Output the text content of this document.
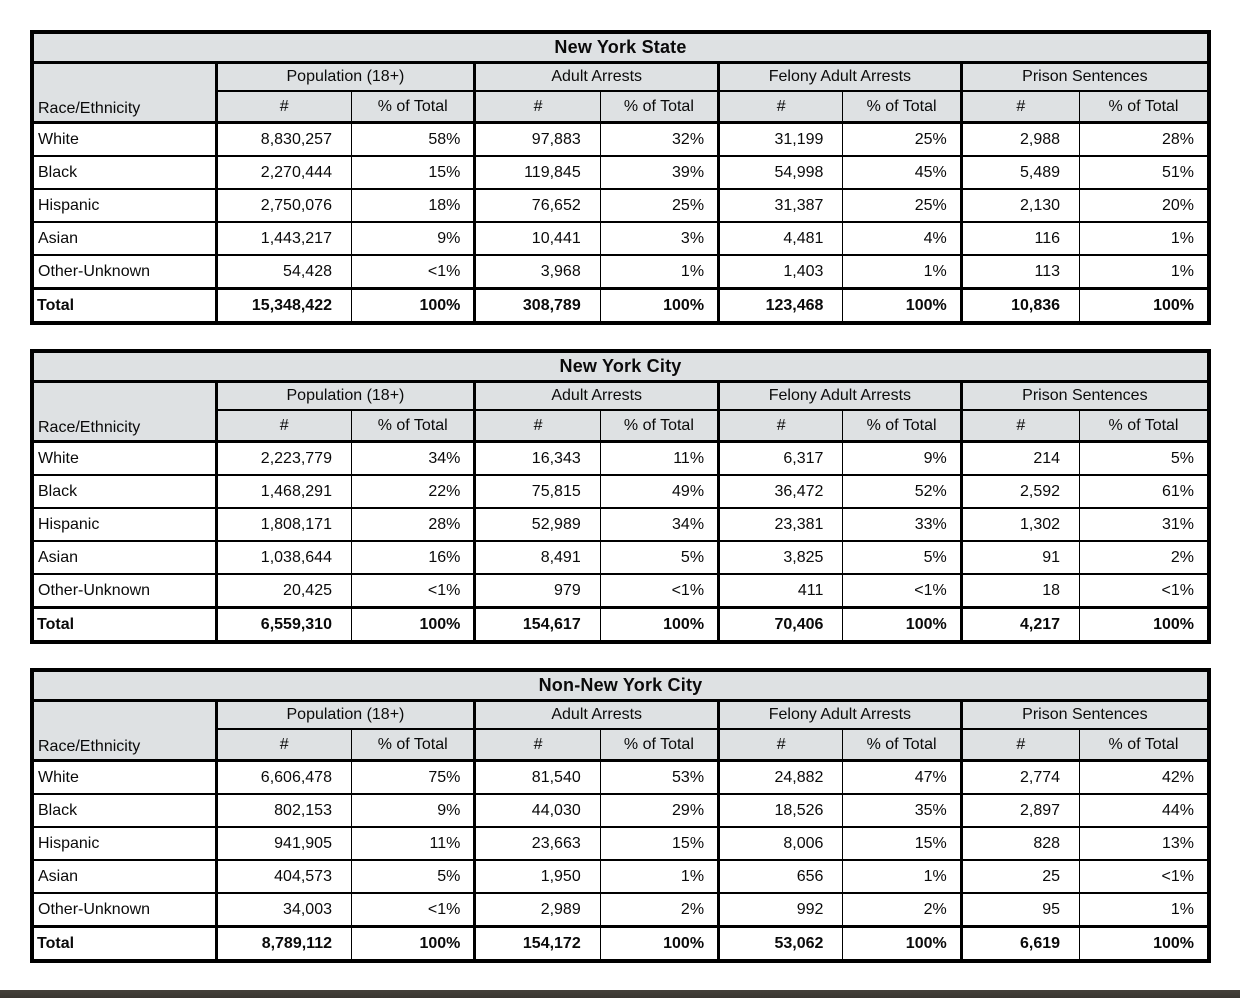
New York State
Race/Ethnicity	Population (18+)		Adult Arrests		Felony Adult Arrests		Prison Sentences	
	#	% of Total	#	% of Total	#	% of Total	#	% of Total
White	8,830,257	58%	97,883	32%	31,199	25%	2,988	28%
Black	2,270,444	15%	119,845	39%	54,998	45%	5,489	51%
Hispanic	2,750,076	18%	76,652	25%	31,387	25%	2,130	20%
Asian	1,443,217	9%	10,441	3%	4,481	4%	116	1%
Other-Unknown	54,428	<1%	3,968	1%	1,403	1%	113	1%
Total	15,348,422	100%	308,789	100%	123,468	100%	10,836	100%
New York City
Race/Ethnicity	Population (18+)		Adult Arrests		Felony Adult Arrests		Prison Sentences	
	#	% of Total	#	% of Total	#	% of Total	#	% of Total
White	2,223,779	34%	16,343	11%	6,317	9%	214	5%
Black	1,468,291	22%	75,815	49%	36,472	52%	2,592	61%
Hispanic	1,808,171	28%	52,989	34%	23,381	33%	1,302	31%
Asian	1,038,644	16%	8,491	5%	3,825	5%	91	2%
Other-Unknown	20,425	<1%	979	<1%	411	<1%	18	<1%
Total	6,559,310	100%	154,617	100%	70,406	100%	4,217	100%
Non-New York City
Race/Ethnicity	Population (18+)		Adult Arrests		Felony Adult Arrests		Prison Sentences	
	#	% of Total	#	% of Total	#	% of Total	#	% of Total
White	6,606,478	75%	81,540	53%	24,882	47%	2,774	42%
Black	802,153	9%	44,030	29%	18,526	35%	2,897	44%
Hispanic	941,905	11%	23,663	15%	8,006	15%	828	13%
Asian	404,573	5%	1,950	1%	656	1%	25	<1%
Other-Unknown	34,003	<1%	2,989	2%	992	2%	95	1%
Total	8,789,112	100%	154,172	100%	53,062	100%	6,619	100%
